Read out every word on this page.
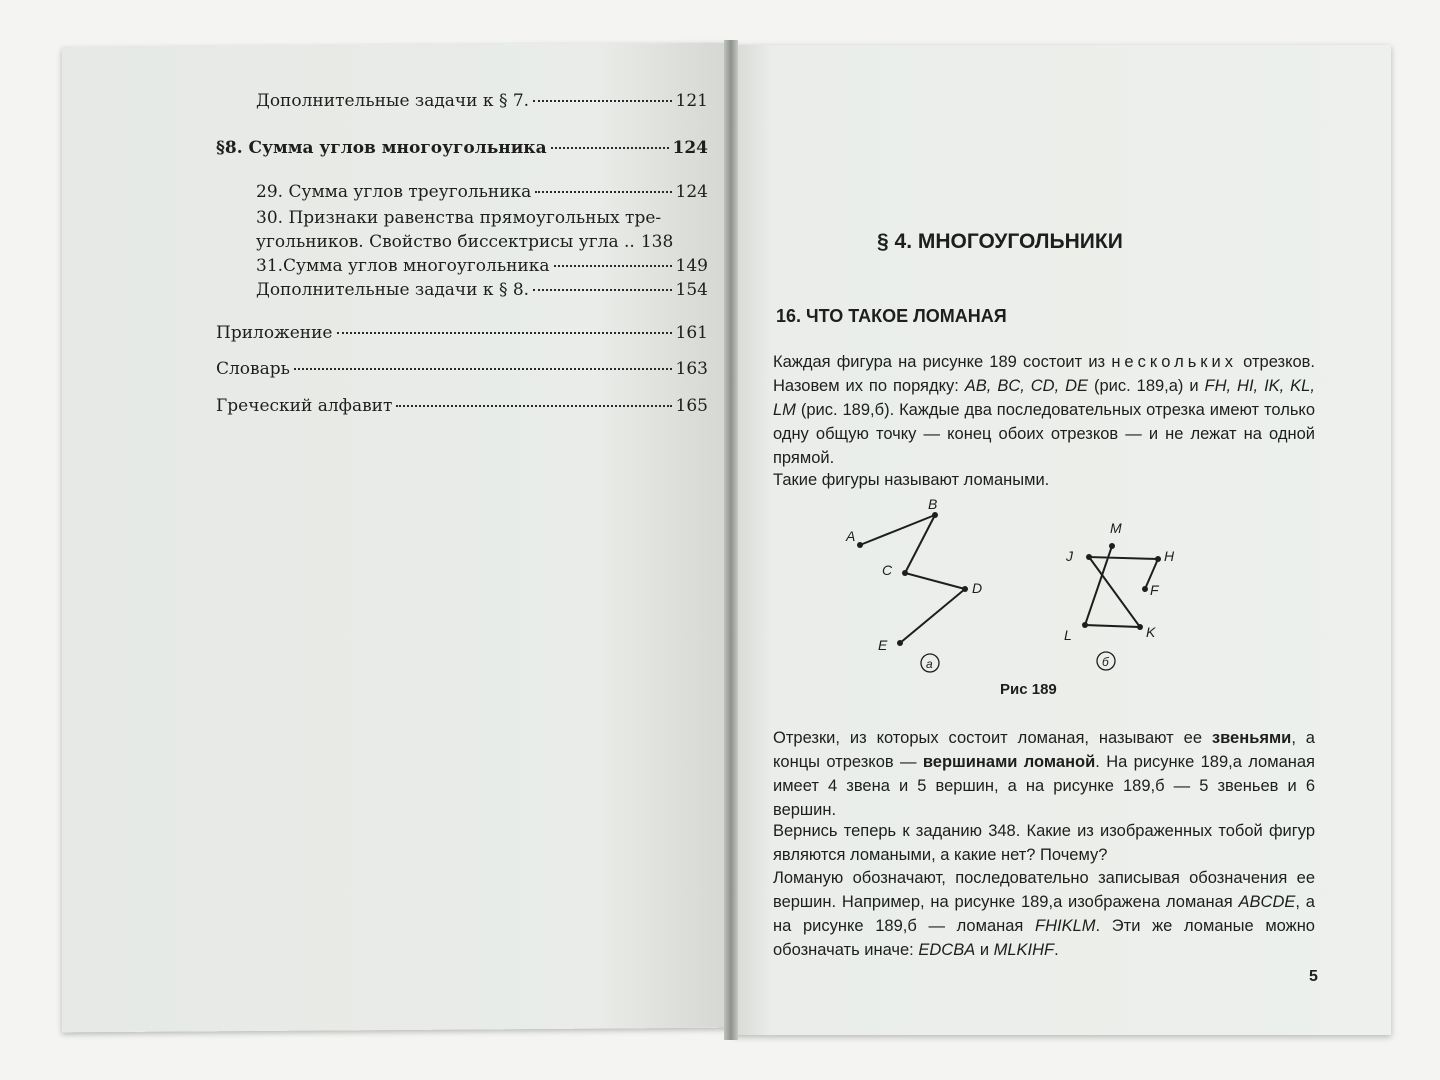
Дополнительные задачи к § 7.	121
§8. Сумма углов многоугольника	124
29. Сумма углов треугольника	124
30. Признаки равенства прямоугольных тре-
угольников. Свойство биссектрисы угла .. 138
31.Сумма углов многоугольника	149
Дополнительные задачи к § 8.	154
Приложение	161
Словарь	163
Греческий алфавит	165
§ 4. МНОГОУГОЛЬНИКИ
16. ЧТО ТАКОЕ ЛОМАНАЯ
Каждая фигура на рисунке 189 состоит из нескольких отрезков. Назовем их по порядку: AB, BC, CD, DE (рис. 189,а) и FH, HI, IK, KL, LM (рис. 189,б). Каждые два последовательных отрезка имеют только одну общую точку — конец обоих отрезков — и не лежат на одной прямой.
Такие фигуры называют ломаными.
A
B
C
D
E
а
M
J	H
F
L	K
б
Рис 189
Отрезки, из которых состоит ломаная, называют ее звеньями, а концы отрезков — вершинами ломаной. На рисунке 189,а ломаная имеет 4 звена и 5 вершин, а на рисунке 189,б — 5 звеньев и 6 вершин.
Вернись теперь к заданию 348. Какие из изображенных тобой фигур являются ломаными, а какие нет? Почему?
Ломаную обозначают, последовательно записывая обозначения ее вершин. Например, на рисунке 189,а изображена ломаная ABCDE, а на рисунке 189,б — ломаная FHIKLM. Эти же ломаные можно обозначать иначе: EDCBA и MLKIHF.
5
